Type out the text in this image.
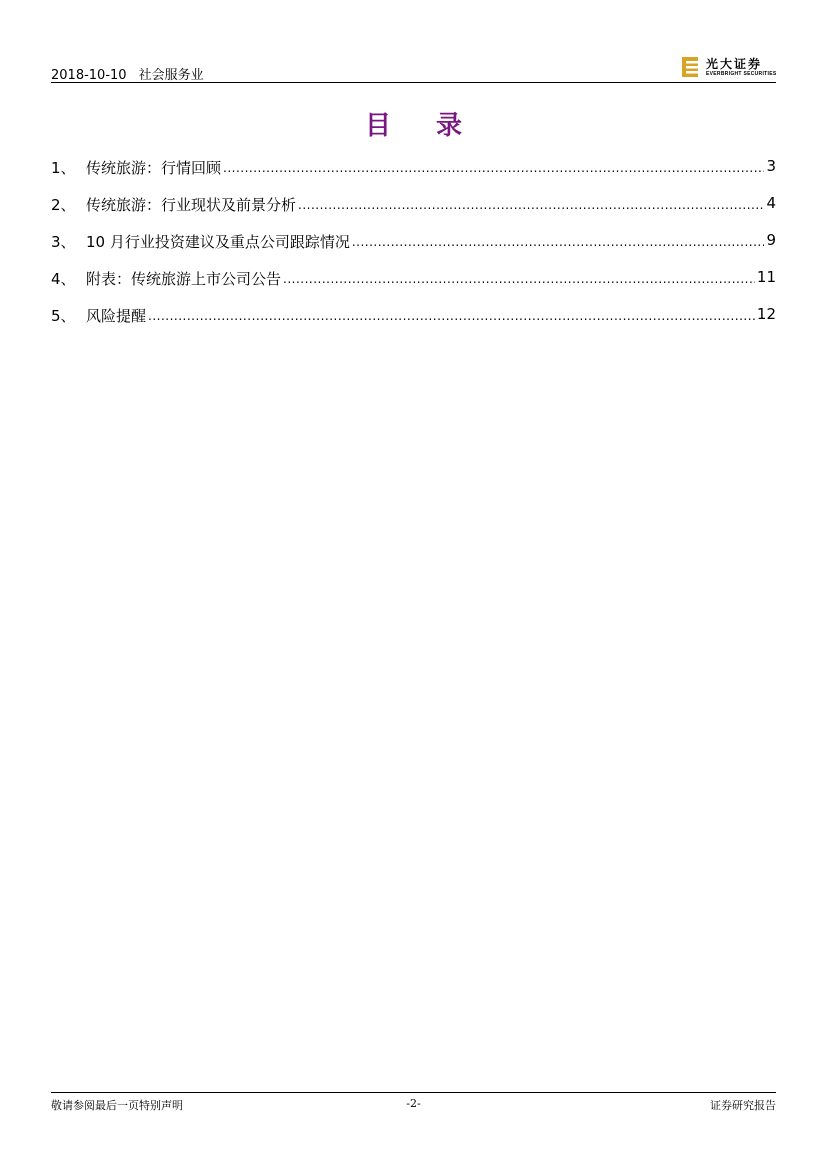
2018-10-10 社会服务业
光大证券
EVERBRIGHT SECURITIES
目 录
1、 传统旅游：行情回顾 .....	3
2、 传统旅游：行业现状及前景分析 .....	4
3、 10 月行业投资建议及重点公司跟踪情况 .....	9
4、 附表：传统旅游上市公司公告 .....	11
5、 风险提醒 .....	12
敬请参阅最后一页特别声明	-2-	证券研究报告
